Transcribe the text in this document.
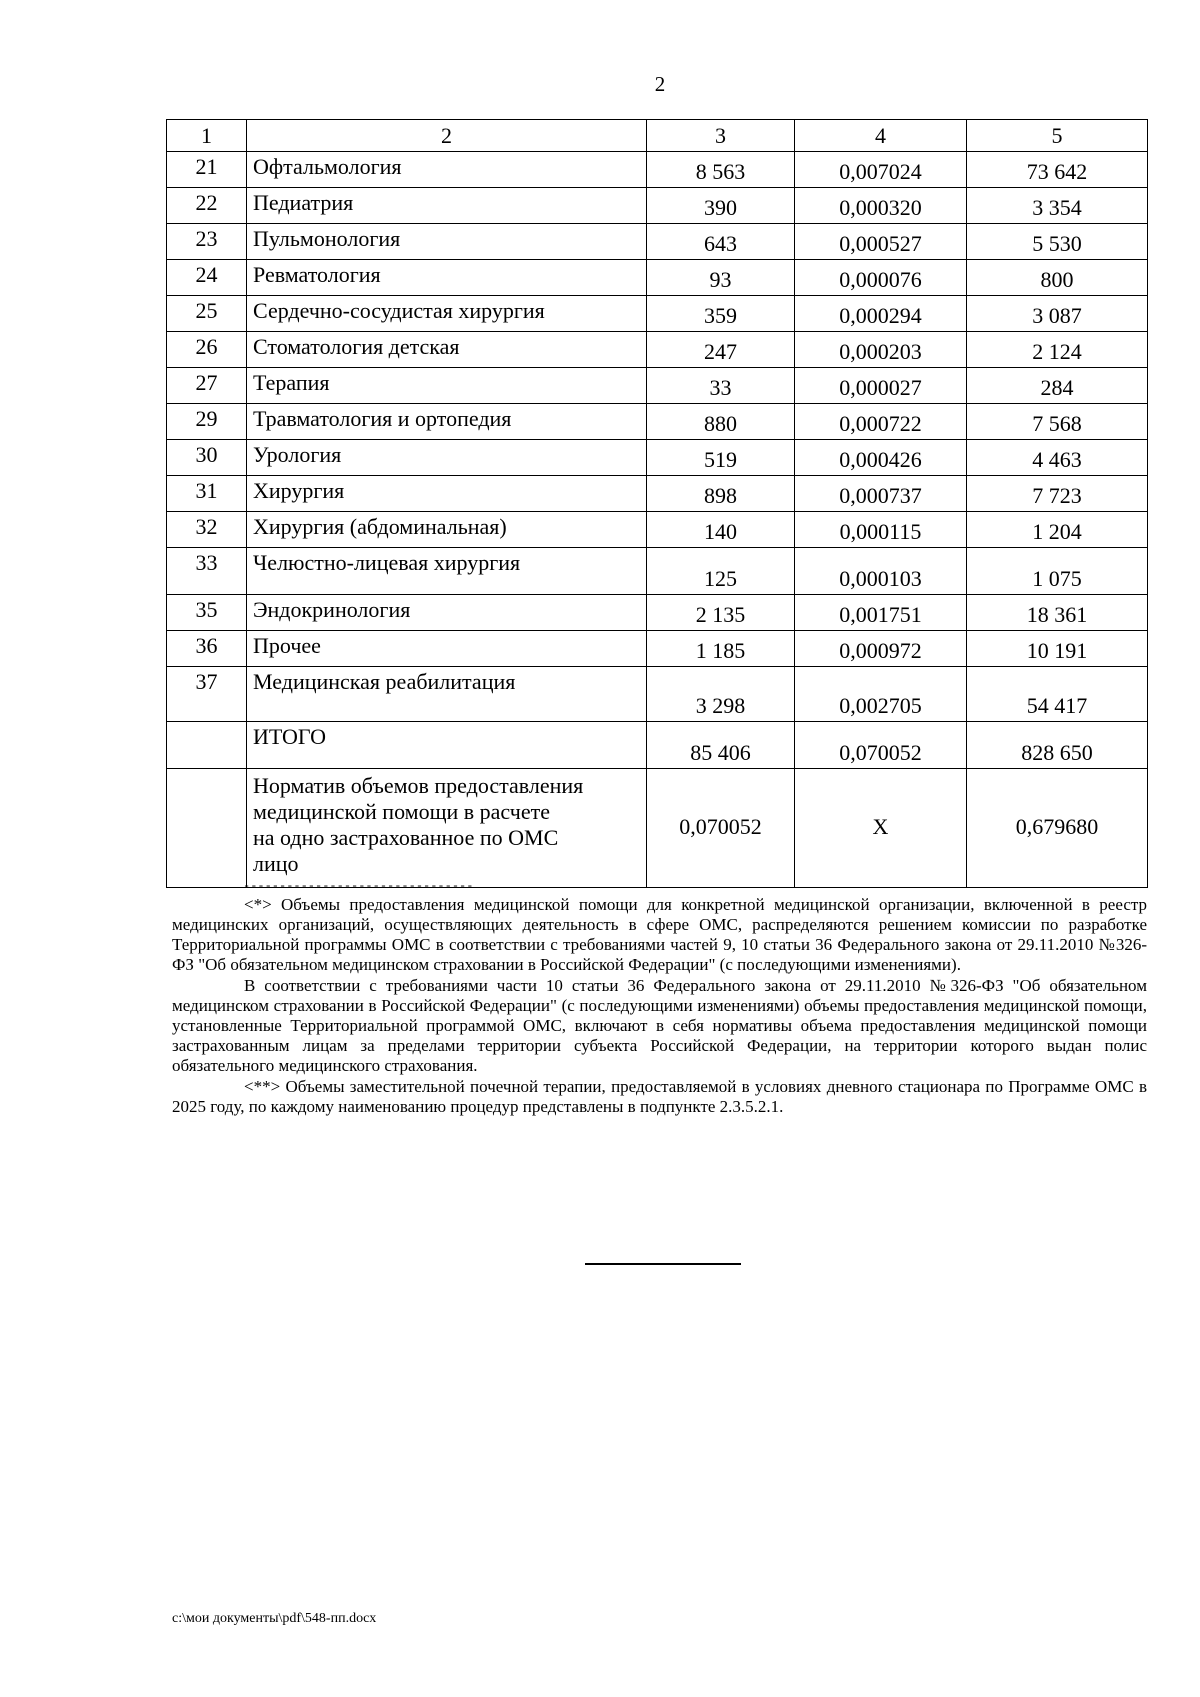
2
1	2	3	4	5
21	Офтальмология	8 563	0,007024	73 642
22	Педиатрия	390	0,000320	3 354
23	Пульмонология	643	0,000527	5 530
24	Ревматология	93	0,000076	800
25	Сердечно-сосудистая хирургия	359	0,000294	3 087
26	Стоматология детская	247	0,000203	2 124
27	Терапия	33	0,000027	284
29	Травматология и ортопедия	880	0,000722	7 568
30	Урология	519	0,000426	4 463
31	Хирургия	898	0,000737	7 723
32	Хирургия (абдоминальная)	140	0,000115	1 204
33	Челюстно-лицевая хирургия	125	0,000103	1 075
35	Эндокринология	2 135	0,001751	18 361
36	Прочее	1 185	0,000972	10 191
37	Медицинская реабилитация	3 298	0,002705	54 417
	ИТОГО	85 406	0,070052	828 650

	Норматив объемов предоставления
медицинской помощи в расчете
на одно застрахованное по ОМС
лицо	0,070052	X	0,679680
--------------------------------

<*> Объемы предоставления медицинской помощи для конкретной медицинской организации, включенной в реестр медицинских организаций, осуществляющих деятельность в сфере ОМС, распределяются решением комиссии по разработке Территориальной программы ОМС в соответствии с требованиями частей 9, 10 статьи 36 Федерального закона от 29.11.2010 №326-ФЗ "Об обязательном медицинском страховании в Российской Федерации" (с последующими изменениями).

В соответствии с требованиями части 10 статьи 36 Федерального закона от 29.11.2010 №326-ФЗ "Об обязательном медицинском страховании в Российской Федерации" (с последующими изменениями) объемы предоставления медицинской помощи, установленные Территориальной программой ОМС, включают в себя нормативы объема предоставления медицинской помощи застрахованным лицам за пределами территории субъекта Российской Федерации, на территории которого выдан полис обязательного медицинского страхования.

<**> Объемы заместительной почечной терапии, предоставляемой в условиях дневного стационара по Программе ОМС в 2025 году, по каждому наименованию процедур представлены в подпункте 2.3.5.2.1.

c:\мои документы\pdf\548-пп.docx
